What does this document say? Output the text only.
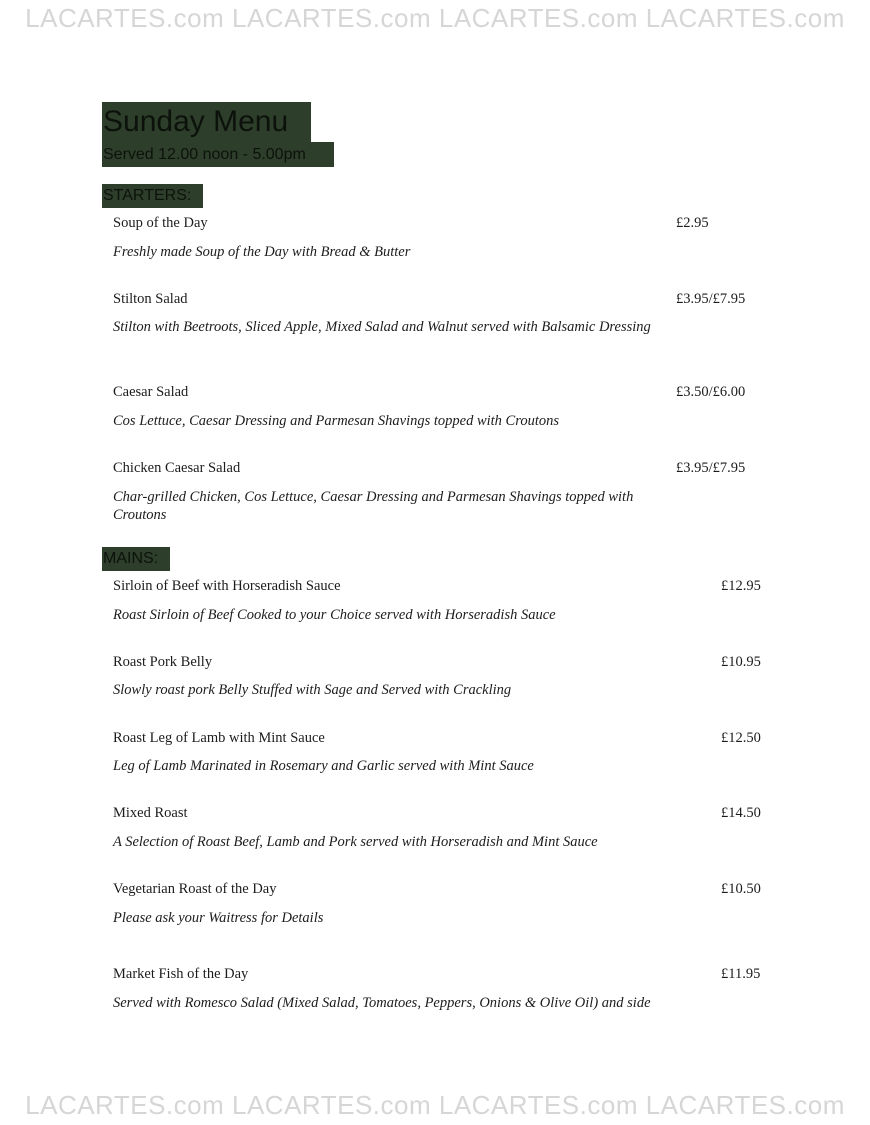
LACARTES.com LACARTES.com LACARTES.com LACARTES.com
Sunday Menu
Served 12.00 noon - 5.00pm
STARTERS:
Soup of the Day	£2.95
Freshly made Soup of the Day with Bread & Butter
Stilton Salad	£3.95/£7.95
Stilton with Beetroots, Sliced Apple, Mixed Salad and Walnut served with Balsamic Dressing
Caesar Salad	£3.50/£6.00
Cos Lettuce, Caesar Dressing and Parmesan Shavings topped with Croutons
Chicken Caesar Salad	£3.95/£7.95
Char-grilled Chicken, Cos Lettuce, Caesar Dressing and Parmesan Shavings topped with Croutons
MAINS:
Sirloin of Beef with Horseradish Sauce	£12.95
Roast Sirloin of Beef Cooked to your Choice served with Horseradish Sauce
Roast Pork Belly	£10.95
Slowly roast pork Belly Stuffed with Sage and Served with Crackling
Roast Leg of Lamb with Mint Sauce	£12.50
Leg of Lamb Marinated in Rosemary and Garlic served with Mint Sauce
Mixed Roast	£14.50
A Selection of Roast Beef, Lamb and Pork served with Horseradish and Mint Sauce
Vegetarian Roast of the Day	£10.50
Please ask your Waitress for Details
Market Fish of the Day	£11.95
Served with Romesco Salad (Mixed Salad, Tomatoes, Peppers, Onions & Olive Oil) and side
LACARTES.com LACARTES.com LACARTES.com LACARTES.com
